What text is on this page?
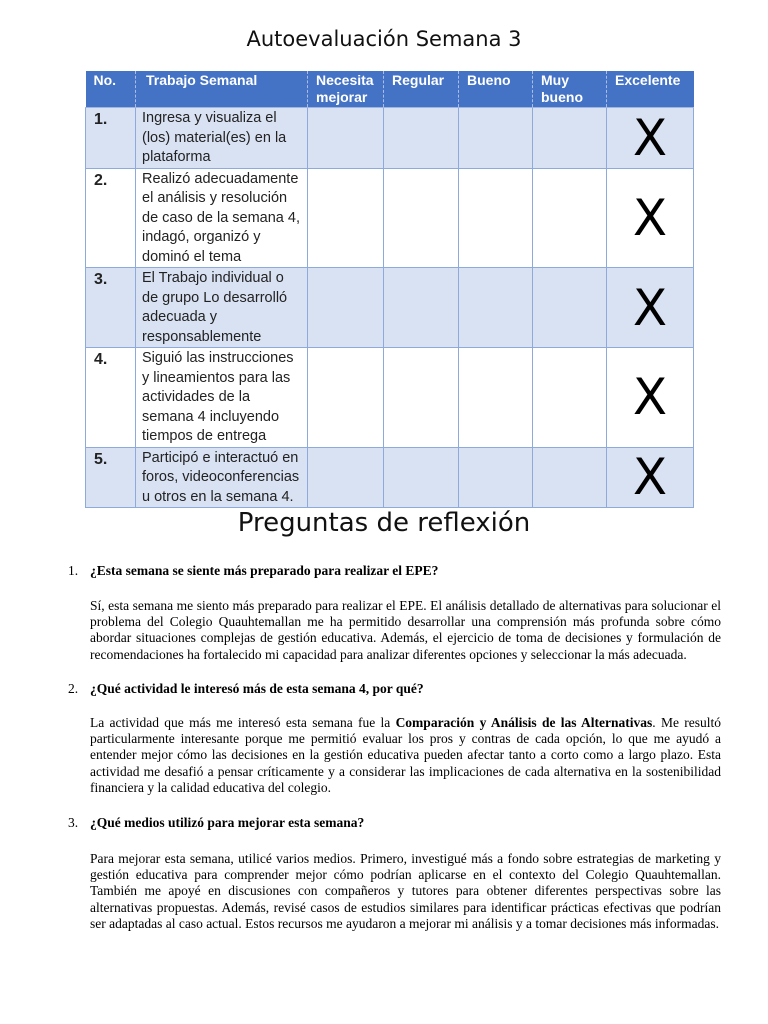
Autoevaluación Semana 3
No.	Trabajo Semanal	Necesita mejorar	Regular	Bueno	Muy bueno	Excelente
1.	Ingresa y visualiza el (los) material(es) en la plataforma					X
2.	Realizó adecuadamente el análisis y resolución de caso de la semana 4, indagó, organizó y dominó el tema					X
3.	El Trabajo individual o de grupo Lo desarrolló adecuada y responsablemente					X
4.	Siguió las instrucciones y lineamientos para las actividades de la semana 4 incluyendo tiempos de entrega					X
5.	Participó e interactuó en foros, videoconferencias u otros en la semana 4.					X
Preguntas de reflexión
1. ¿Esta semana se siente más preparado para realizar el EPE?

Sí, esta semana me siento más preparado para realizar el EPE. El análisis detallado de alternativas para solucionar el problema del Colegio Quauhtemallan me ha permitido desarrollar una comprensión más profunda sobre cómo abordar situaciones complejas de gestión educativa. Además, el ejercicio de toma de decisiones y formulación de recomendaciones ha fortalecido mi capacidad para analizar diferentes opciones y seleccionar la más adecuada.

2. ¿Qué actividad le interesó más de esta semana 4, por qué?

La actividad que más me interesó esta semana fue la Comparación y Análisis de las Alternativas. Me resultó particularmente interesante porque me permitió evaluar los pros y contras de cada opción, lo que me ayudó a entender mejor cómo las decisiones en la gestión educativa pueden afectar tanto a corto como a largo plazo. Esta actividad me desafió a pensar críticamente y a considerar las implicaciones de cada alternativa en la sostenibilidad financiera y la calidad educativa del colegio.

3. ¿Qué medios utilizó para mejorar esta semana?

Para mejorar esta semana, utilicé varios medios. Primero, investigué más a fondo sobre estrategias de marketing y gestión educativa para comprender mejor cómo podrían aplicarse en el contexto del Colegio Quauhtemallan. También me apoyé en discusiones con compañeros y tutores para obtener diferentes perspectivas sobre las alternativas propuestas. Además, revisé casos de estudios similares para identificar prácticas efectivas que podrían ser adaptadas al caso actual. Estos recursos me ayudaron a mejorar mi análisis y a tomar decisiones más informadas.
